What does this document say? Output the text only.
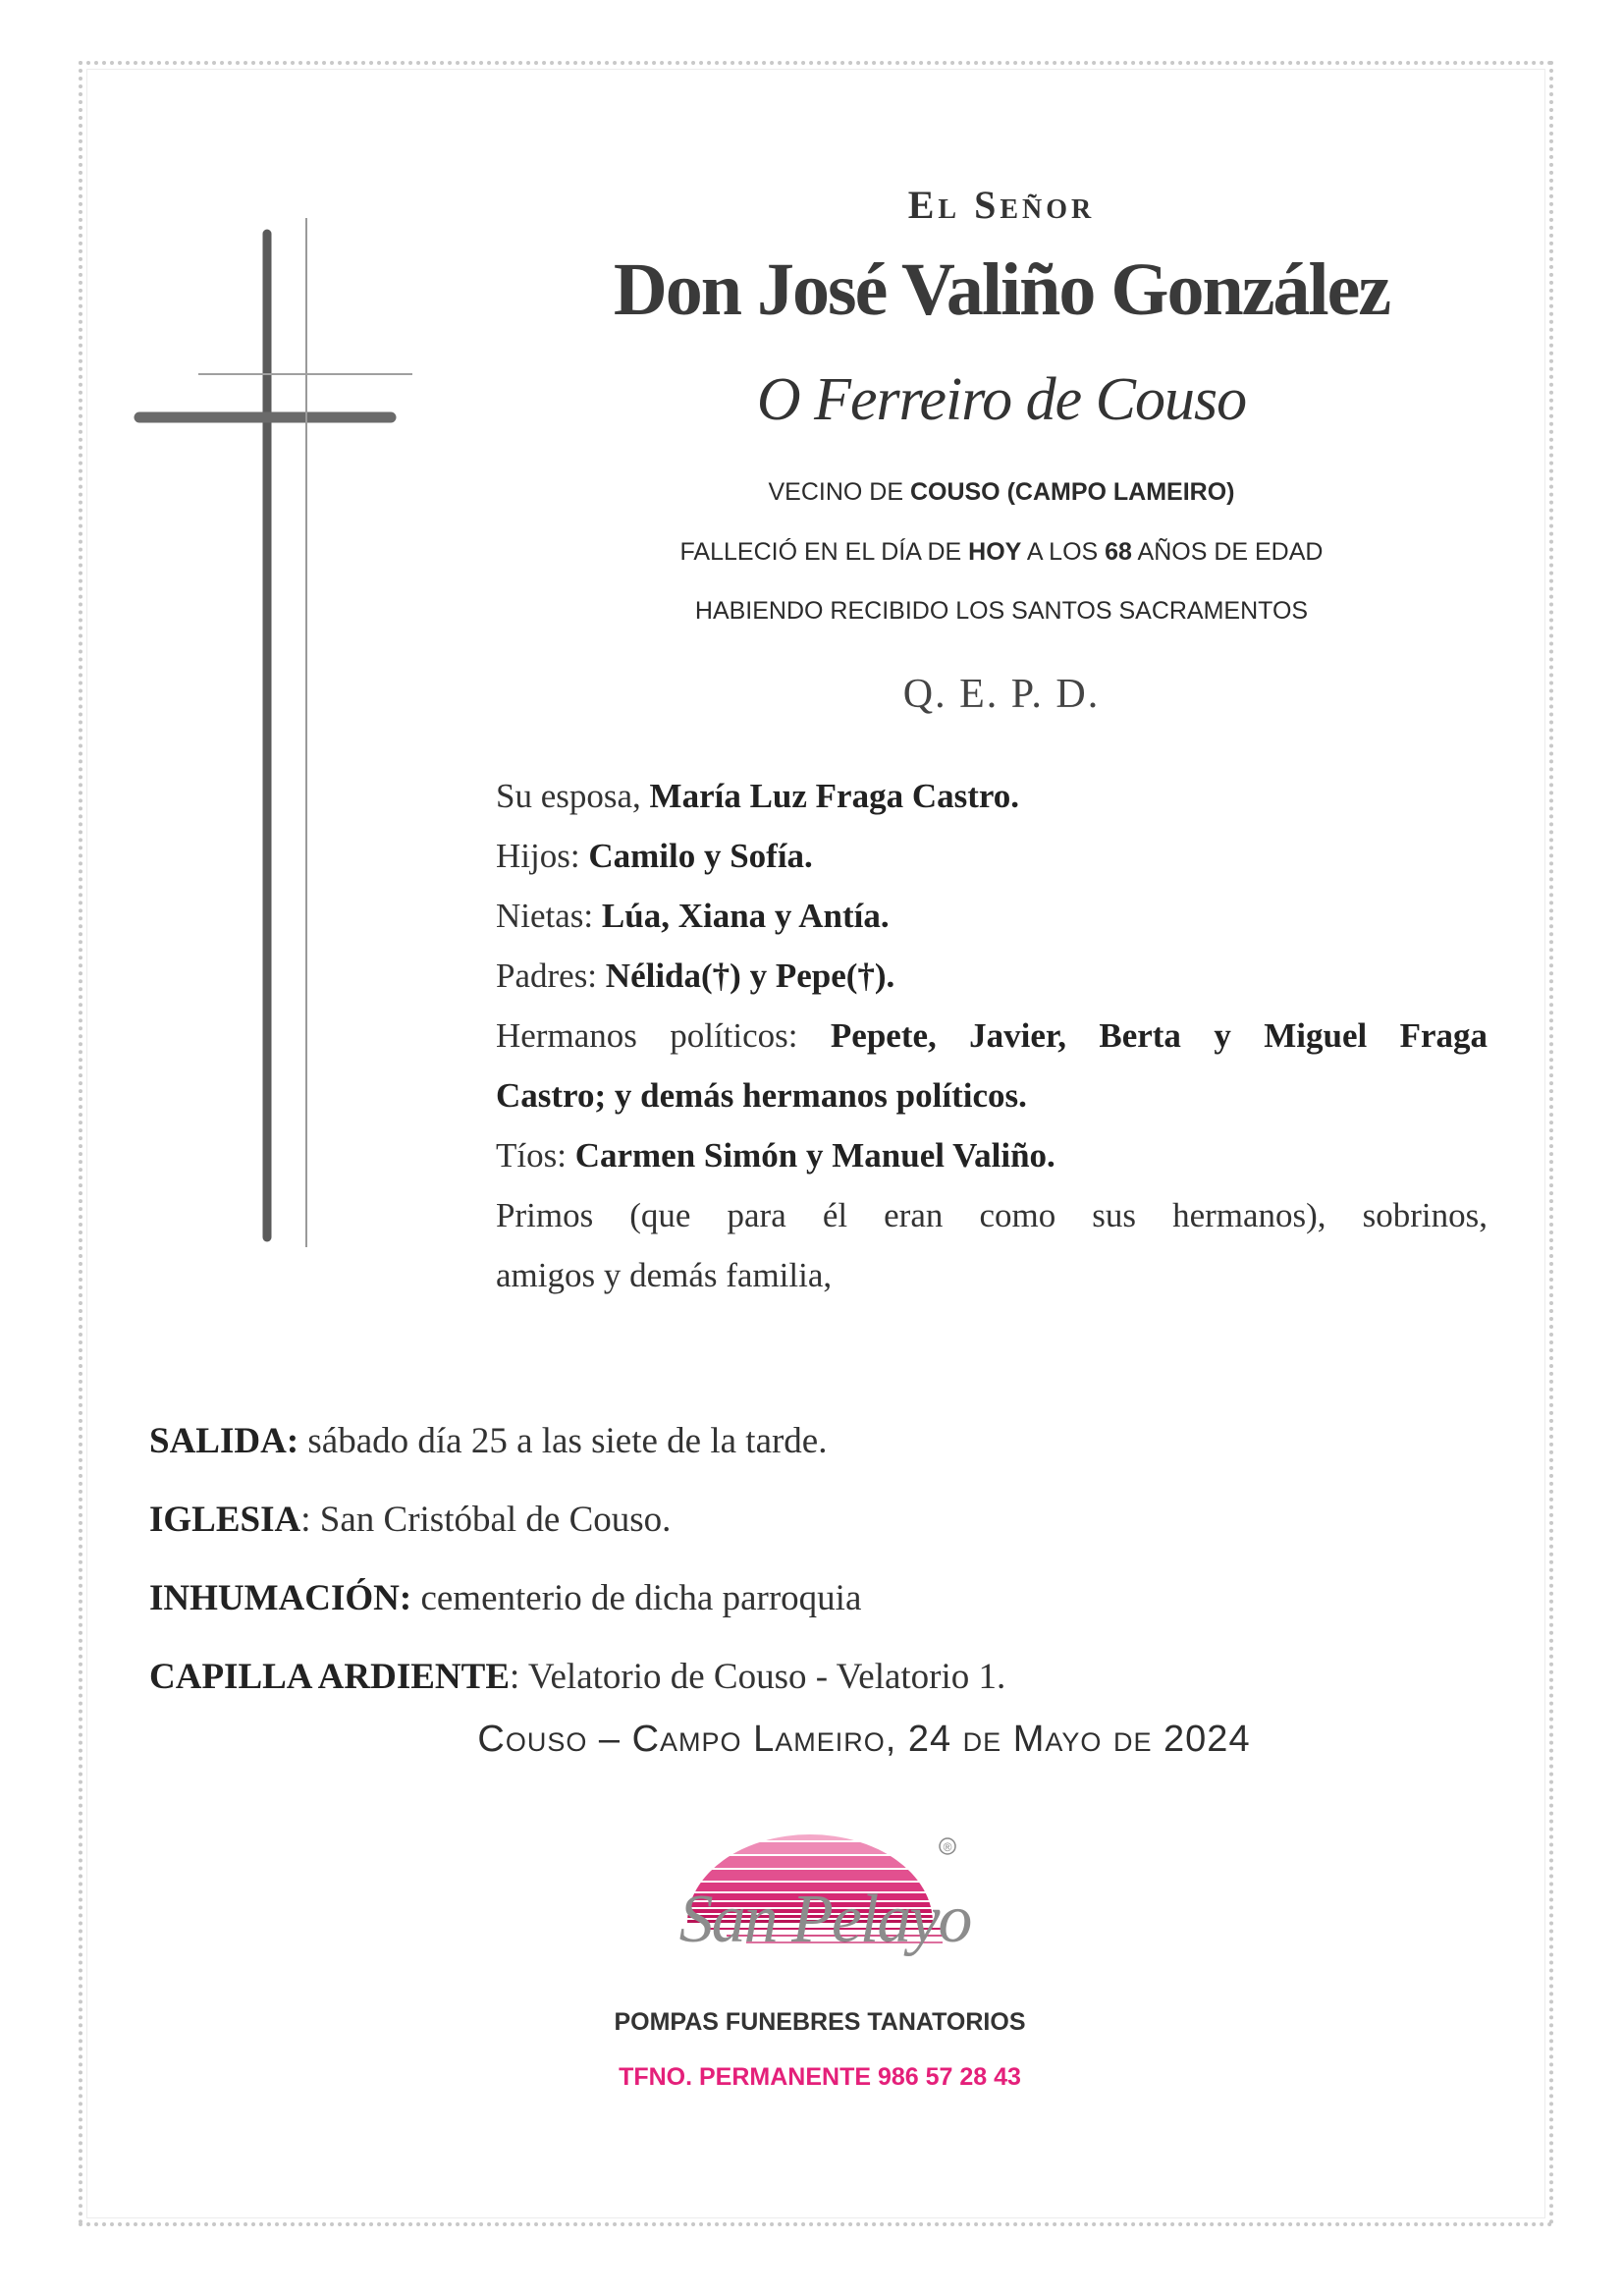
El Señor
Don José Valiño González
O Ferreiro de Couso
VECINO DE COUSO (CAMPO LAMEIRO)
FALLECIÓ EN EL DÍA DE HOY A LOS 68 AÑOS DE EDAD
HABIENDO RECIBIDO LOS SANTOS SACRAMENTOS
Q. E. P. D.
Su esposa, María Luz Fraga Castro.
Hijos: Camilo y Sofía.
Nietas: Lúa, Xiana y Antía.
Padres: Nélida(†) y Pepe(†).
Hermanos políticos: Pepete, Javier, Berta y Miguel Fraga
Castro; y demás hermanos políticos.
Tíos: Carmen Simón y Manuel Valiño.
Primos (que para él eran como sus hermanos), sobrinos,
amigos y demás familia,
SALIDA: sábado día 25 a las siete de la tarde.
IGLESIA: San Cristóbal de Couso.
INHUMACIÓN: cementerio de dicha parroquia
CAPILLA ARDIENTE: Velatorio de Couso - Velatorio 1.
Couso – Campo Lameiro, 24 de Mayo de 2024
®
San Pelayo
POMPAS FUNEBRES TANATORIOS
TFNO. PERMANENTE 986 57 28 43
